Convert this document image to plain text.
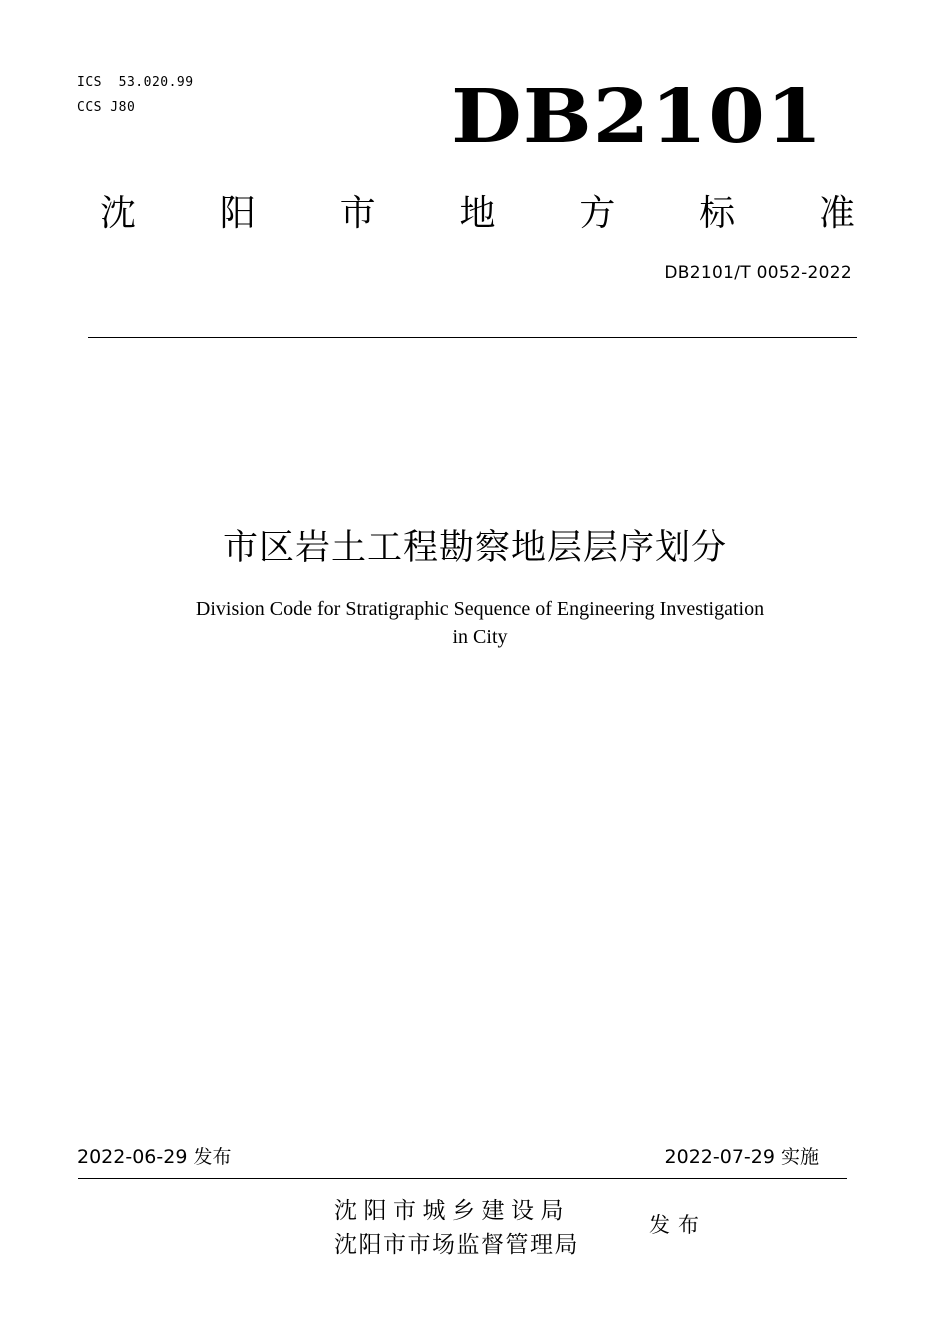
ICS  53.020.99
CCS J80	DB2101
沈 阳 市 地 方 标 准
DB2101/T 0052-2022
市区岩土工程勘察地层层序划分
Division Code for Stratigraphic Sequence of Engineering Investigation
in City
2022-06-29 发布	2022-07-29 实施
沈阳市城乡建设局
沈阳市市场监督管理局
发布
